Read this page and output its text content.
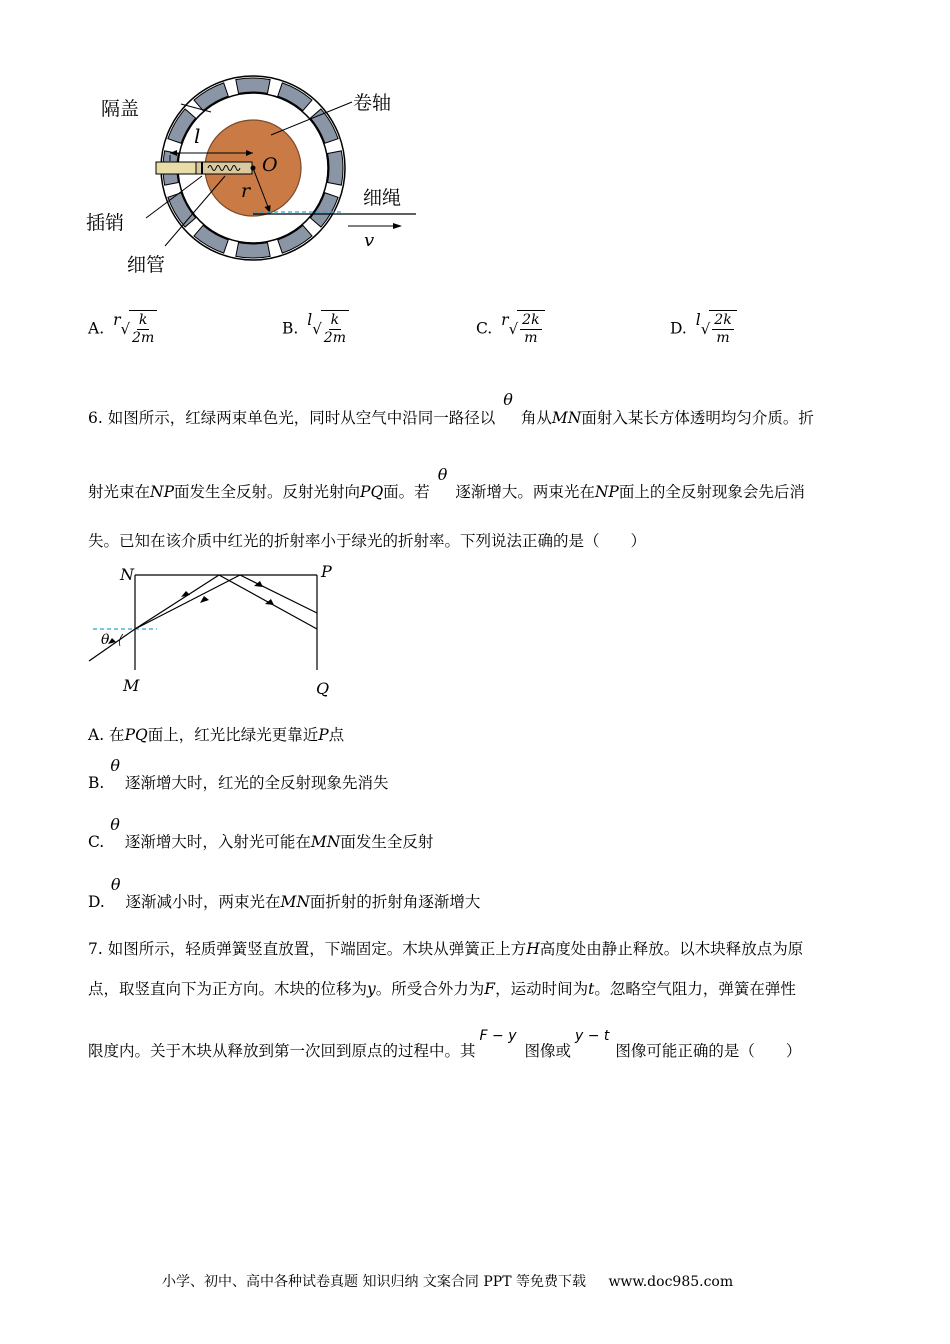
隔盖	卷轴
插销
细管
细绳
l
O
r
v
A. r √ $\frac{k}{2m}$	B. l √ $\frac{k}{2m}$	C. r √ $\frac{2k}{m}$	D. l √ $\frac{2k}{m}$
6. 如图所示，红绿两束单色光，同时从空气中沿同一路径以θ角从MN面射入某长方体透明均匀介质。折
射光束在NP面发生全反射。反射光射向PQ面。若θ逐渐增大。两束光在NP面上的全反射现象会先后消
失。已知在该介质中红光的折射率小于绿光的折射率。下列说法正确的是（　　）
N	P
M	Q
θ
A. 在PQ面上，红光比绿光更靠近P点
B.θ逐渐增大时，红光的全反射现象先消失
C.θ逐渐增大时，入射光可能在MN面发生全反射
D.θ逐渐减小时，两束光在MN面折射的折射角逐渐增大
7. 如图所示，轻质弹簧竖直放置，下端固定。木块从弹簧正上方H高度处由静止释放。以木块释放点为原
点，取竖直向下为正方向。木块的位移为y。所受合外力为F，运动时间为t。忽略空气阻力，弹簧在弹性
限度内。关于木块从释放到第一次回到原点的过程中。其F − y图像或y − t图像可能正确的是（　　）
小学、初中、高中各种试卷真题 知识归纳 文案合同 PPT 等免费下载 www.doc985.com
